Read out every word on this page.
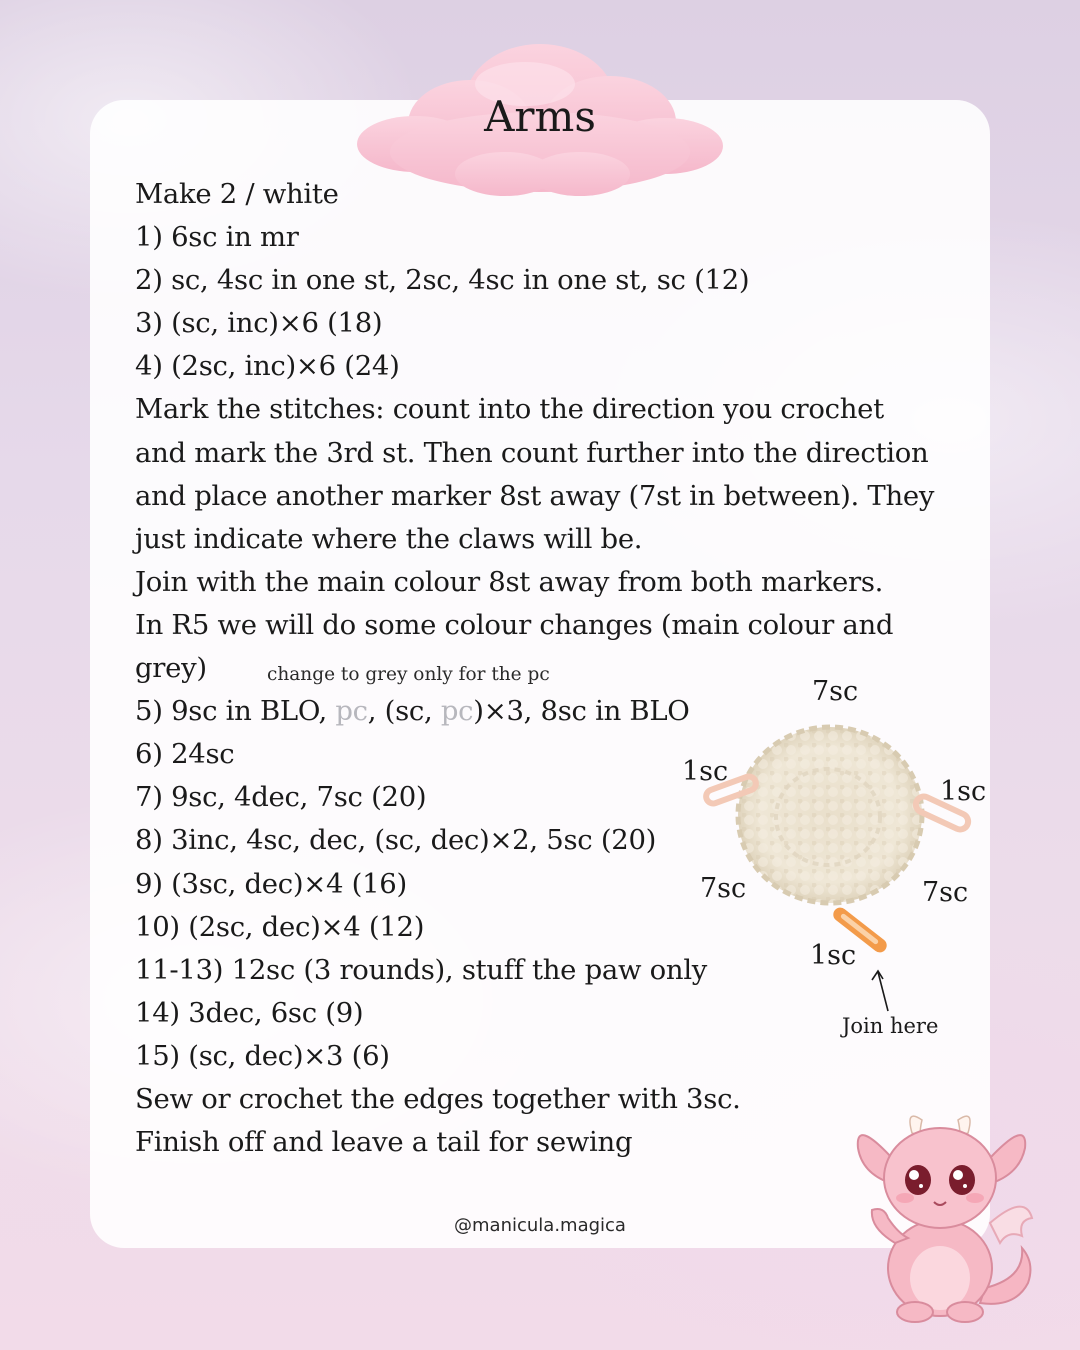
Arms
Make 2 / white
1) 6sc in mr
2) sc, 4sc in one st, 2sc, 4sc in one st, sc (12)
3) (sc, inc)×6 (18)
4) (2sc, inc)×6 (24)
Mark the stitches: count into the direction you crochet
and mark the 3rd st. Then count further into the direction
and place another marker 8st away (7st in between). They
just indicate where the claws will be.
Join with the main colour 8st away from both markers.
In R5 we will do some colour changes (main colour and
grey)
5) 9sc in BLO, pc, (sc, pc)×3, 8sc in BLO
6) 24sc
7) 9sc, 4dec, 7sc (20)
8) 3inc, 4sc, dec, (sc, dec)×2, 5sc (20)
9) (3sc, dec)×4 (16)
10) (2sc, dec)×4 (12)
11-13) 12sc (3 rounds), stuff the paw only
14) 3dec, 6sc (9)
15) (sc, dec)×3 (6)
Sew or crochet the edges together with 3sc.
Finish off and leave a tail for sewing
change to grey only for the pc
7sc
1sc
1sc
7sc	7sc
1sc
Join here
@manicula.magica
